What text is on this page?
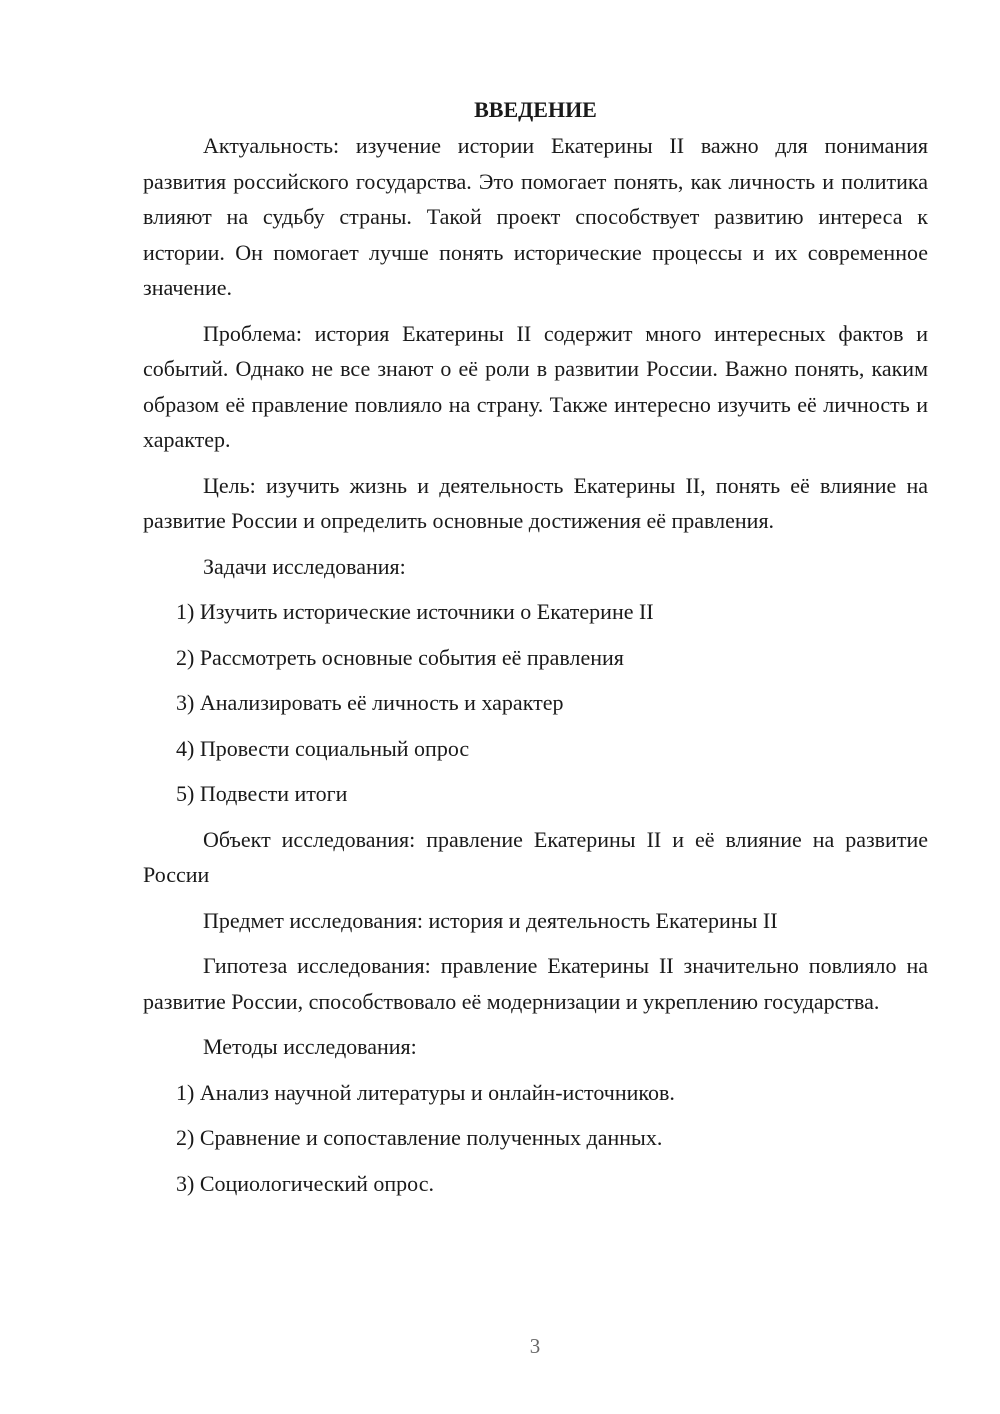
ВВЕДЕНИЕ

Актуальность: изучение истории Екатерины II важно для понимания развития российского государства. Это помогает понять, как личность и политика влияют на судьбу страны. Такой проект способствует развитию интереса к истории. Он помогает лучше понять исторические процессы и их современное значение.

Проблема: история Екатерины II содержит много интересных фактов и событий. Однако не все знают о её роли в развитии России. Важно понять, каким образом её правление повлияло на страну. Также интересно изучить её личность и характер.

Цель: изучить жизнь и деятельность Екатерины II, понять её влияние на развитие России и определить основные достижения её правления.

Задачи исследования:

1) Изучить исторические источники о Екатерине II
2) Рассмотреть основные события её правления
3) Анализировать её личность и характер
4) Провести социальный опрос
5) Подвести итоги

Объект исследования: правление Екатерины II и её влияние на развитие России

Предмет исследования: история и деятельность Екатерины II

Гипотеза исследования: правление Екатерины II значительно повлияло на развитие России, способствовало её модернизации и укреплению государства.

Методы исследования:

1) Анализ научной литературы и онлайн-источников.
2) Сравнение и сопоставление полученных данных.
3) Социологический опрос.
3
